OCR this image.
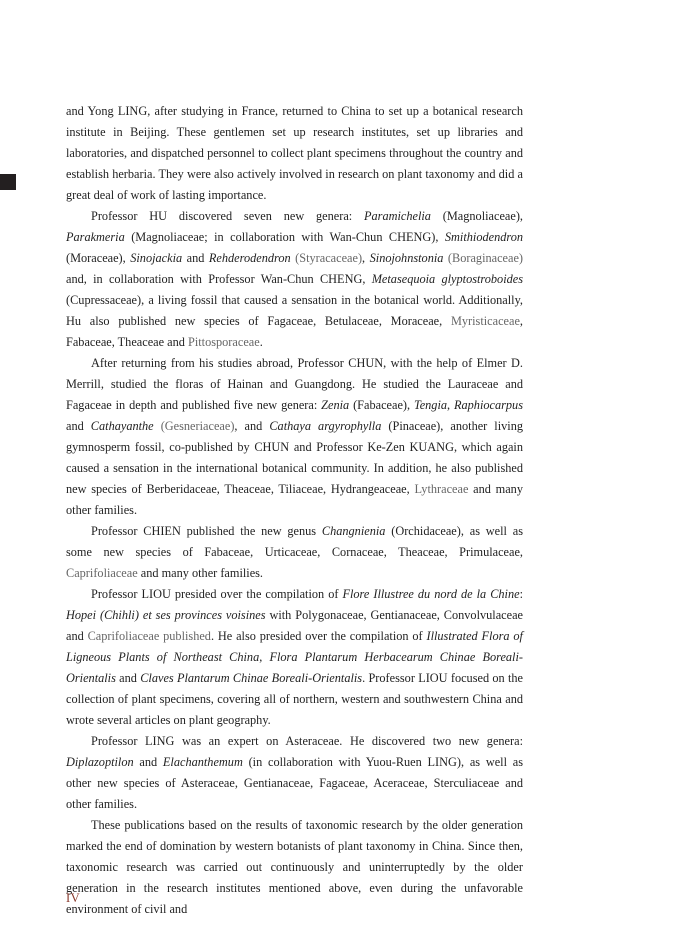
and Yong LING, after studying in France, returned to China to set up a botanical research institute in Beijing. These gentlemen set up research institutes, set up libraries and laboratories, and dispatched personnel to collect plant specimens throughout the country and establish herbaria. They were also actively involved in research on plant taxonomy and did a great deal of work of lasting importance.

Professor HU discovered seven new genera: Paramichelia (Magnoliaceae), Parakmeria (Magnoliaceae; in collaboration with Wan-Chun CHENG), Smithiodendron (Moraceae), Sinojackia and Rehderodendron (Styracaceae), Sinojohnstonia (Boraginaceae) and, in collaboration with Professor Wan-Chun CHENG, Metasequoia glyptostroboides (Cupressaceae), a living fossil that caused a sensation in the botanical world. Additionally, Hu also published new species of Fagaceae, Betulaceae, Moraceae, Myristicaceae, Fabaceae, Theaceae and Pittosporaceae.

After returning from his studies abroad, Professor CHUN, with the help of Elmer D. Merrill, studied the floras of Hainan and Guangdong. He studied the Lauraceae and Fagaceae in depth and published five new genera: Zenia (Fabaceae), Tengia, Raphiocarpus and Cathayanthe (Gesneriaceae), and Cathaya argyrophylla (Pinaceae), another living gymnosperm fossil, co-published by CHUN and Professor Ke-Zen KUANG, which again caused a sensation in the international botanical community. In addition, he also published new species of Berberidaceae, Theaceae, Tiliaceae, Hydrangeaceae, Lythraceae and many other families.

Professor CHIEN published the new genus Changnienia (Orchidaceae), as well as some new species of Fabaceae, Urticaceae, Cornaceae, Theaceae, Primulaceae, Caprifoliaceae and many other families.

Professor LIOU presided over the compilation of Flore Illustree du nord de la Chine: Hopei (Chihli) et ses provinces voisines with Polygonaceae, Gentianaceae, Convolvulaceae and Caprifoliaceae published. He also presided over the compilation of Illustrated Flora of Ligneous Plants of Northeast China, Flora Plantarum Herbacearum Chinae Boreali-Orientalis and Claves Plantarum Chinae Boreali-Orientalis. Professor LIOU focused on the collection of plant specimens, covering all of northern, western and southwestern China and wrote several articles on plant geography.

Professor LING was an expert on Asteraceae. He discovered two new genera: Diplazoptilon and Elachanthemum (in collaboration with Yuou-Ruen LING), as well as other new species of Asteraceae, Gentianaceae, Fagaceae, Aceraceae, Sterculiaceae and other families.

These publications based on the results of taxonomic research by the older generation marked the end of domination by western botanists of plant taxonomy in China. Since then, taxonomic research was carried out continuously and uninterruptedly by the older generation in the research institutes mentioned above, even during the unfavorable environment of civil and

IV
